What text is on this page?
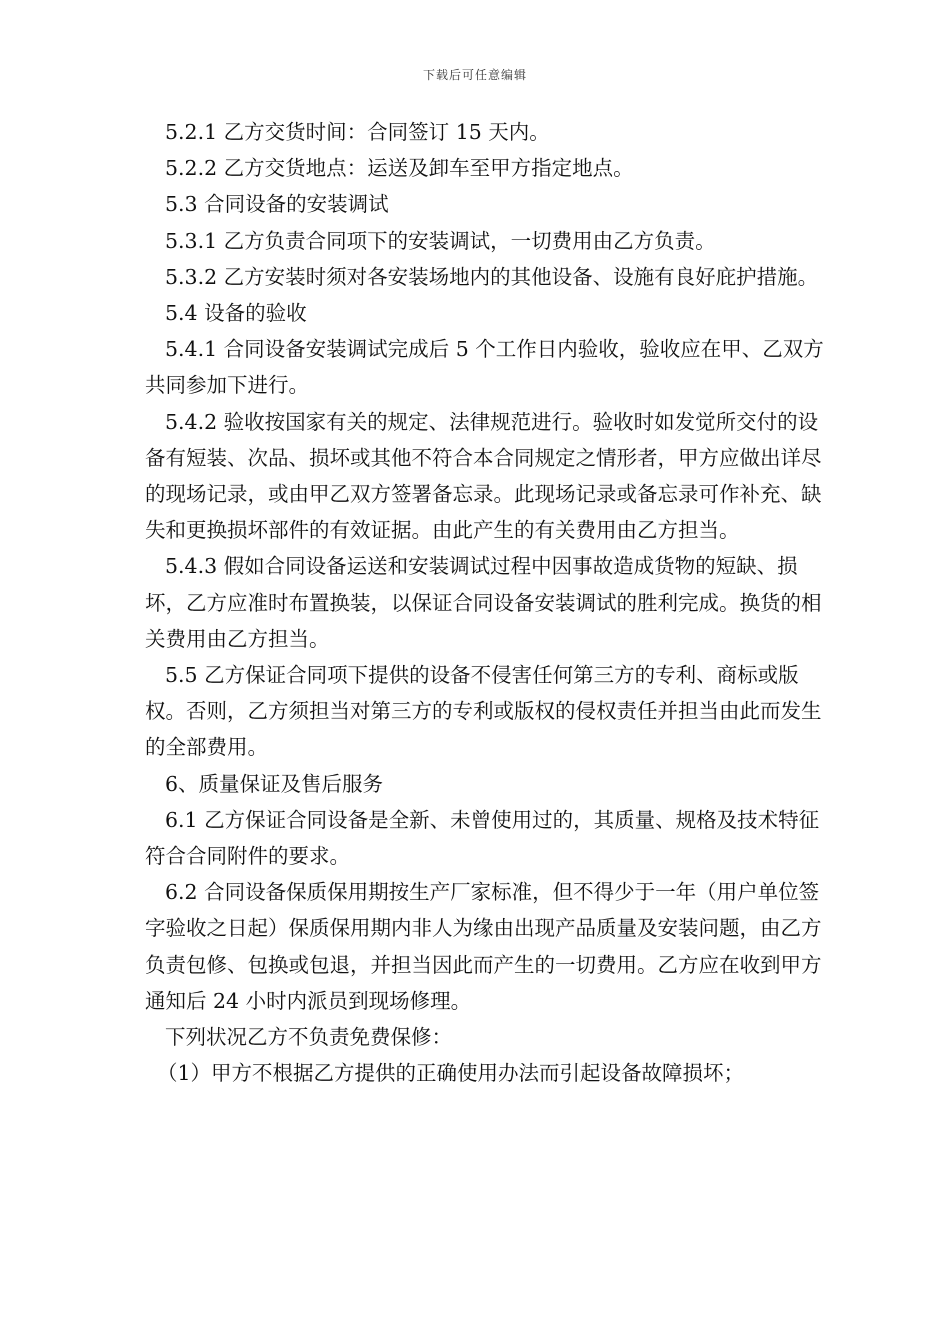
下载后可任意编辑

5.2.1 乙方交货时间：合同签订 15 天内。

5.2.2 乙方交货地点：运送及卸车至甲方指定地点。

5.3 合同设备的安装调试

5.3.1 乙方负责合同项下的安装调试，一切费用由乙方负责。

5.3.2 乙方安装时须对各安装场地内的其他设备、设施有良好庇护措施。

5.4 设备的验收

5.4.1 合同设备安装调试完成后 5 个工作日内验收，验收应在甲、乙双方共同参加下进行。

5.4.2 验收按国家有关的规定、法律规范进行。验收时如发觉所交付的设备有短装、次品、损坏或其他不符合本合同规定之情形者，甲方应做出详尽的现场记录，或由甲乙双方签署备忘录。此现场记录或备忘录可作补充、缺失和更换损坏部件的有效证据。由此产生的有关费用由乙方担当。

5.4.3 假如合同设备运送和安装调试过程中因事故造成货物的短缺、损坏，乙方应准时布置换装，以保证合同设备安装调试的胜利完成。换货的相关费用由乙方担当。

5.5 乙方保证合同项下提供的设备不侵害任何第三方的专利、商标或版权。否则，乙方须担当对第三方的专利或版权的侵权责任并担当由此而发生的全部费用。

6、质量保证及售后服务

6.1 乙方保证合同设备是全新、未曾使用过的，其质量、规格及技术特征符合合同附件的要求。

6.2 合同设备保质保用期按生产厂家标准，但不得少于一年（用户单位签字验收之日起）保质保用期内非人为缘由出现产品质量及安装问题，由乙方负责包修、包换或包退，并担当因此而产生的一切费用。乙方应在收到甲方通知后 24 小时内派员到现场修理。

下列状况乙方不负责免费保修：

（1）甲方不根据乙方提供的正确使用办法而引起设备故障损坏；
